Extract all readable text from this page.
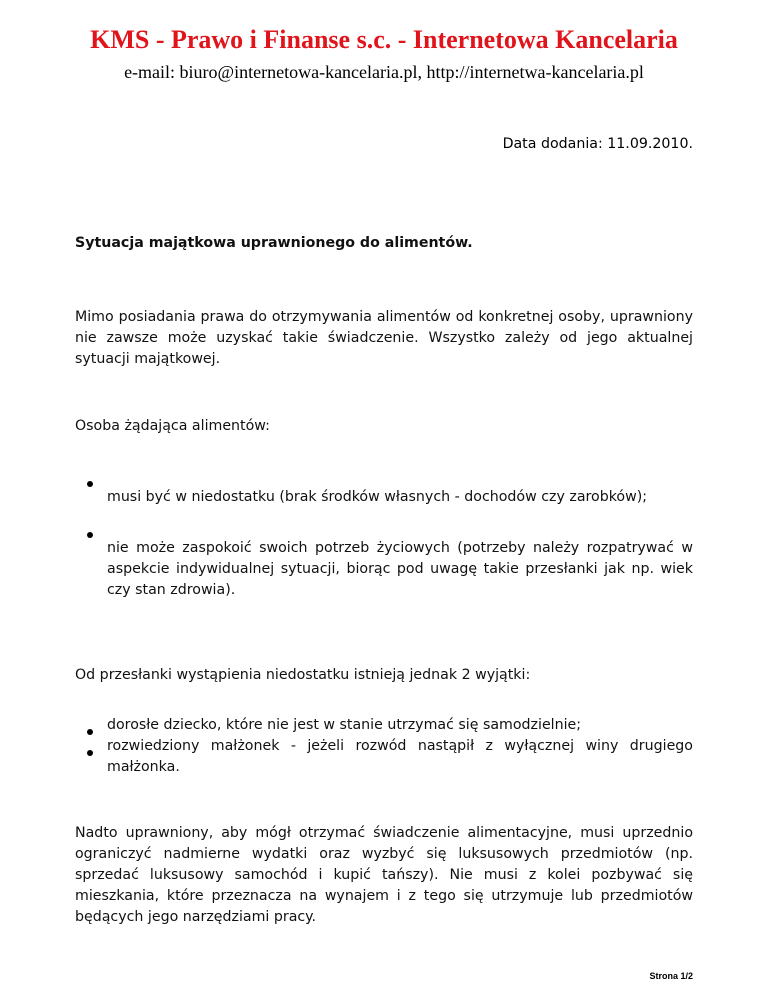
KMS - Prawo i Finanse s.c. - Internetowa Kancelaria
e-mail: biuro@internetowa-kancelaria.pl, http://internetwa-kancelaria.pl
Data dodania: 11.09.2010.
Sytuacja majątkowa uprawnionego do alimentów.
Mimo posiadania prawa do otrzymywania alimentów od konkretnej osoby, uprawniony nie zawsze może uzyskać takie świadczenie. Wszystko zależy od jego aktualnej sytuacji majątkowej.
Osoba żądająca alimentów:
musi być w niedostatku (brak środków własnych - dochodów czy zarobków);
nie może zaspokoić swoich potrzeb życiowych (potrzeby należy rozpatrywać w aspekcie indywidualnej sytuacji, biorąc pod uwagę takie przesłanki jak np. wiek czy stan zdrowia).
Od przesłanki wystąpienia niedostatku istnieją jednak 2 wyjątki:
dorosłe dziecko, które nie jest w stanie utrzymać się samodzielnie;
rozwiedziony małżonek - jeżeli rozwód nastąpił z wyłącznej winy drugiego małżonka.
Nadto uprawniony, aby mógł otrzymać świadczenie alimentacyjne, musi uprzednio ograniczyć nadmierne wydatki oraz wyzbyć się luksusowych przedmiotów (np. sprzedać luksusowy samochód i kupić tańszy). Nie musi z kolei pozbywać się mieszkania, które przeznacza na wynajem i z tego się utrzymuje lub przedmiotów będących jego narzędziami pracy.
Strona 1/2
